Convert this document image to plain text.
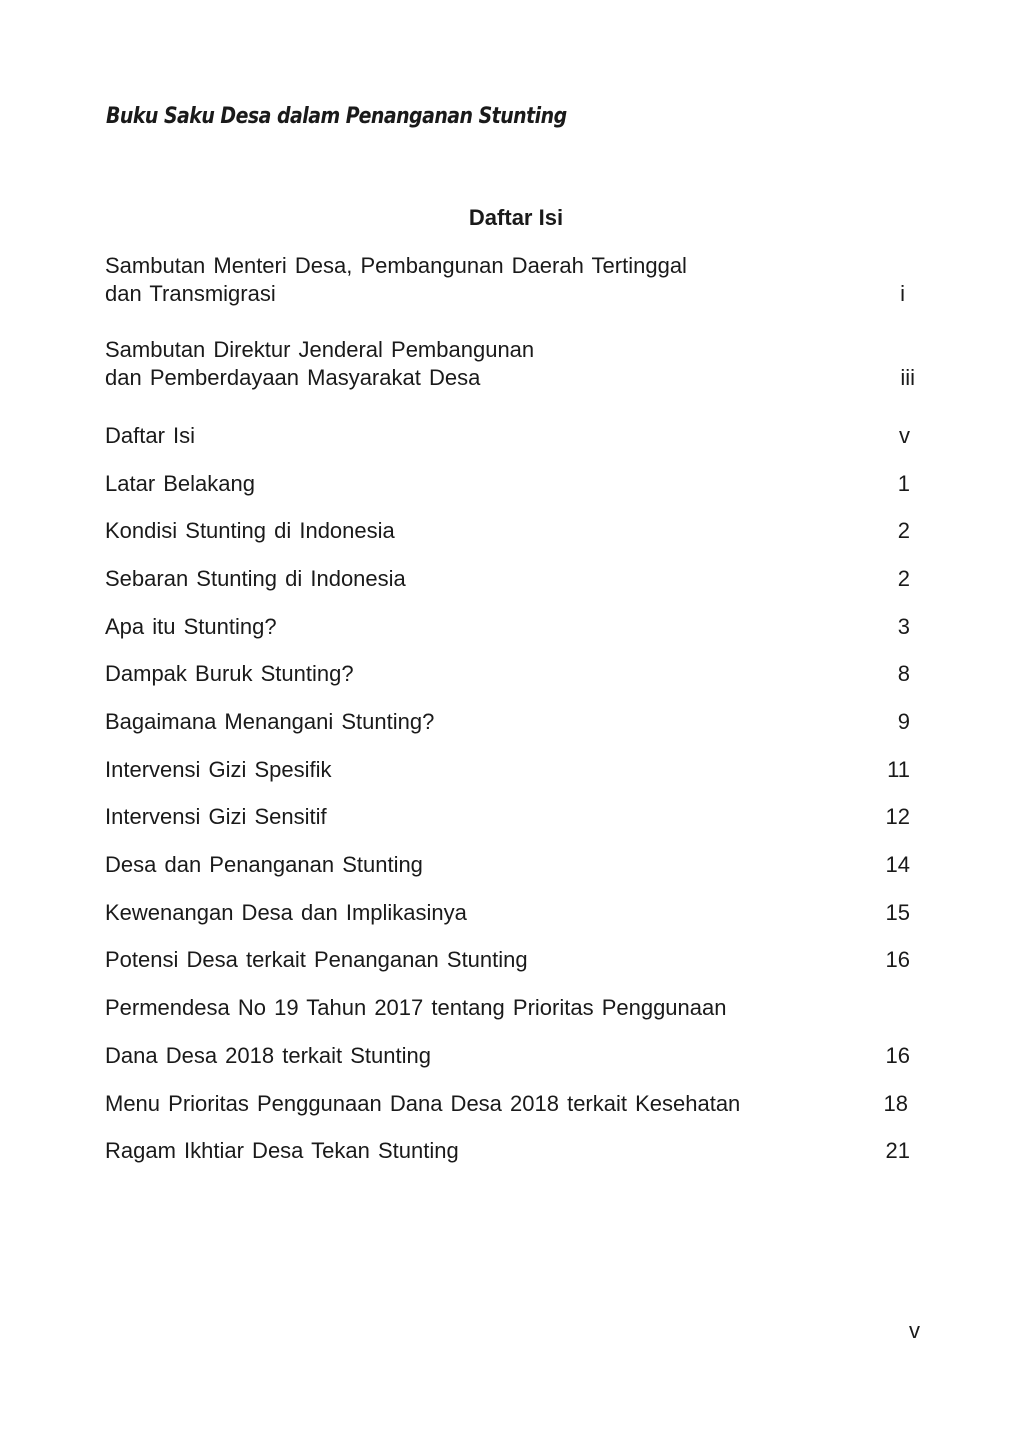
Buku Saku Desa dalam Penanganan Stunting
Daftar Isi
Sambutan Menteri Desa, Pembangunan Daerah Tertinggal
dan Transmigrasi	i
Sambutan Direktur Jenderal Pembangunan
dan Pemberdayaan Masyarakat Desa	iii
Daftar Isi	v
Latar Belakang	1
Kondisi Stunting di Indonesia	2
Sebaran Stunting di Indonesia	2
Apa itu Stunting?	3
Dampak Buruk Stunting?	8
Bagaimana Menangani Stunting?	9
Intervensi Gizi Spesifik	11
Intervensi Gizi Sensitif	12
Desa dan Penanganan Stunting	14
Kewenangan Desa dan Implikasinya	15
Potensi Desa terkait Penanganan Stunting	16
Permendesa No 19 Tahun 2017 tentang Prioritas Penggunaan
Dana Desa 2018 terkait Stunting	16
Menu Prioritas Penggunaan Dana Desa 2018 terkait Kesehatan	18
Ragam Ikhtiar Desa Tekan Stunting	21
v
